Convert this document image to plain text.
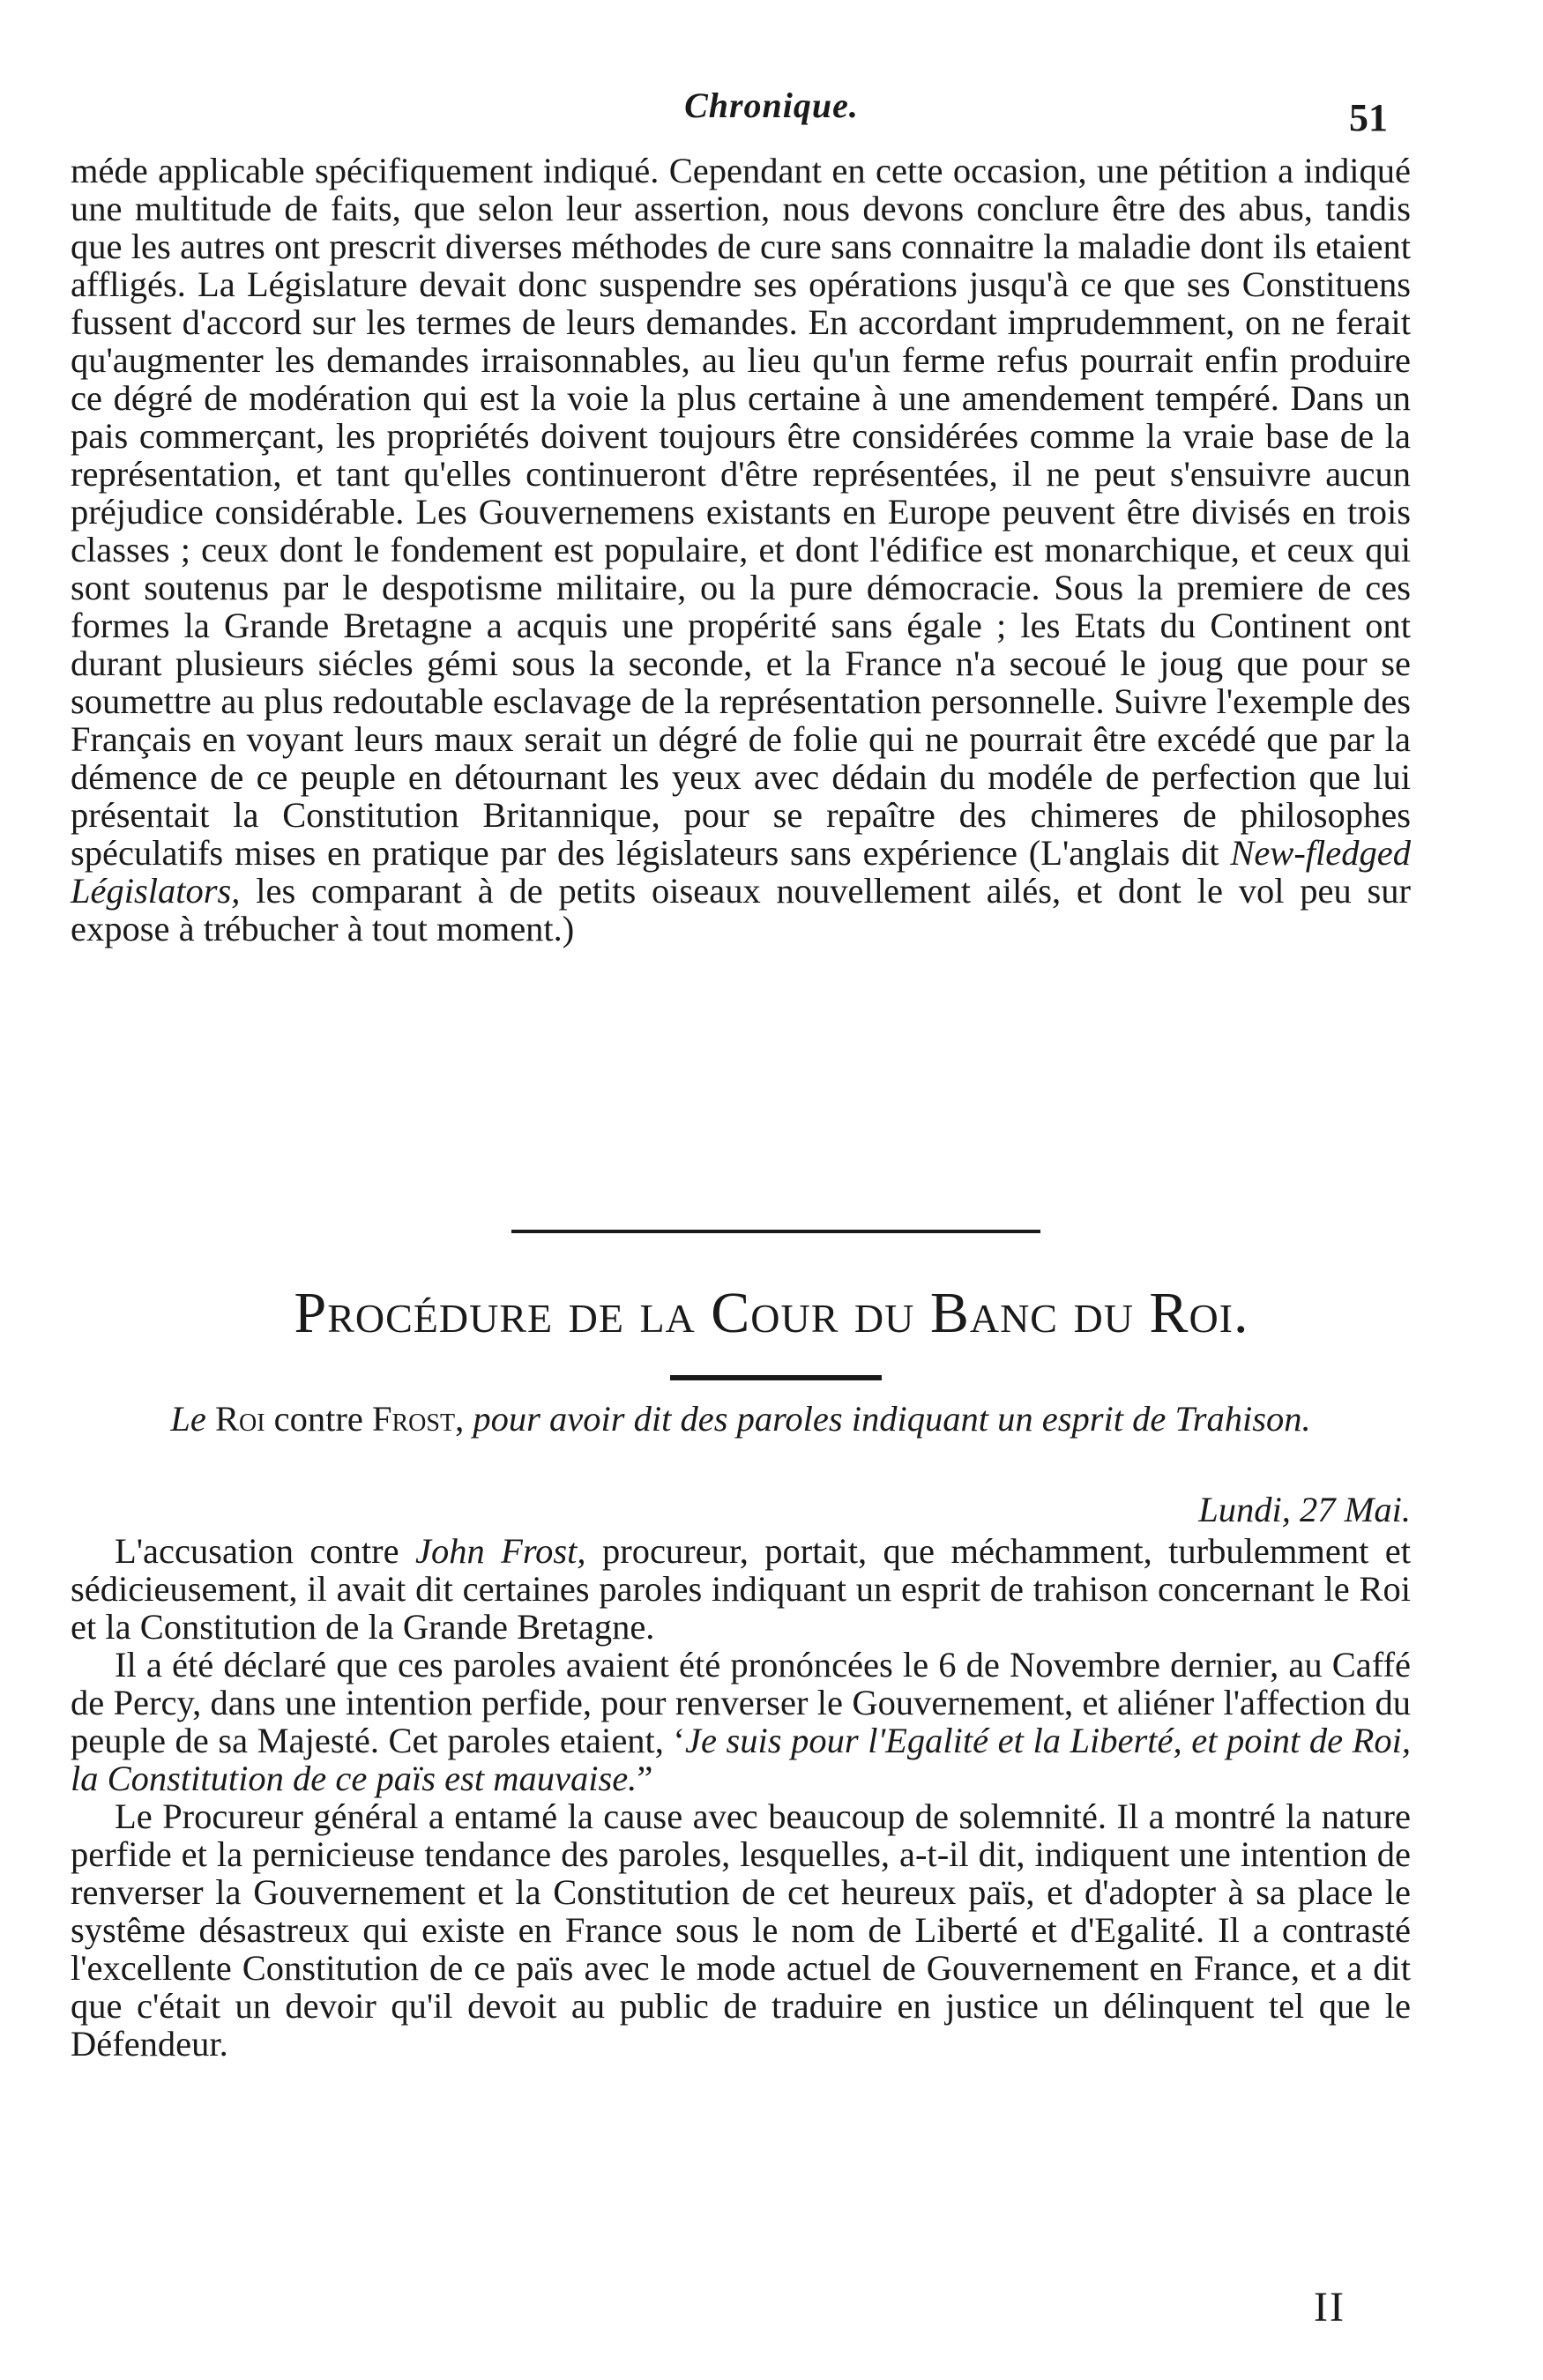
Chronique.	51

méde applicable spécifiquement indiqué. Cependant en cette occasion, une pétition a indiqué une multitude de faits, que selon leur assertion, nous devons conclure être des abus, tandis que les autres ont prescrit diverses méthodes de cure sans connaitre la maladie dont ils etaient affligés. La Législature devait donc suspendre ses opérations jusqu'à ce que ses Constituens fussent d'accord sur les termes de leurs demandes. En accordant imprudemment, on ne ferait qu'augmenter les demandes irraisonnables, au lieu qu'un ferme refus pourrait enfin produire ce dégré de modération qui est la voie la plus certaine à une amendement tempéré. Dans un pais commerçant, les propriétés doivent toujours être considérées comme la vraie base de la représentation, et tant qu'elles continueront d'être représentées, il ne peut s'ensuivre aucun préjudice considérable. Les Gouvernemens existants en Europe peuvent être divisés en trois classes ; ceux dont le fondement est populaire, et dont l'édifice est monarchique, et ceux qui sont soutenus par le despotisme militaire, ou la pure démocracie. Sous la premiere de ces formes la Grande Bretagne a acquis une propérité sans égale ; les Etats du Continent ont durant plusieurs siécles gémi sous la seconde, et la France n'a secoué le joug que pour se soumettre au plus redoutable esclavage de la représentation personnelle. Suivre l'exemple des Français en voyant leurs maux serait un dégré de folie qui ne pourrait être excédé que par la démence de ce peuple en détournant les yeux avec dédain du modéle de perfection que lui présentait la Constitution Britannique, pour se repaître des chimeres de philosophes spéculatifs mises en pratique par des législateurs sans expérience (L'anglais dit New-fledged Législators, les comparant à de petits oiseaux nouvellement ailés, et dont le vol peu sur expose à trébucher à tout moment.)

Procédure de la Cour du Banc du Roi.

Le Roi contre Frost, pour avoir dit des paroles indiquant un esprit de Trahison.

Lundi, 27 Mai.

L'accusation contre John Frost, procureur, portait, que méchamment, turbulemment et sédicieusement, il avait dit certaines paroles indiquant un esprit de trahison concernant le Roi et la Constitution de la Grande Bretagne.

Il a été déclaré que ces paroles avaient été pronóncées le 6 de Novembre dernier, au Caffé de Percy, dans une intention perfide, pour renverser le Gouvernement, et aliéner l'affection du peuple de sa Majesté. Cet paroles etaient, ‘Je suis pour l'Egalité et la Liberté, et point de Roi, la Constitution de ce païs est mauvaise.”

Le Procureur général a entamé la cause avec beaucoup de solemnité. Il a montré la nature perfide et la pernicieuse tendance des paroles, lesquelles, a-t-il dit, indiquent une intention de renverser la Gouvernement et la Constitution de cet heureux païs, et d'adopter à sa place le systême désastreux qui existe en France sous le nom de Liberté et d'Egalité. Il a contrasté l'excellente Constitution de ce païs avec le mode actuel de Gouvernement en France, et a dit que c'était un devoir qu'il devoit au public de traduire en justice un délinquent tel que le Défendeur.

II
